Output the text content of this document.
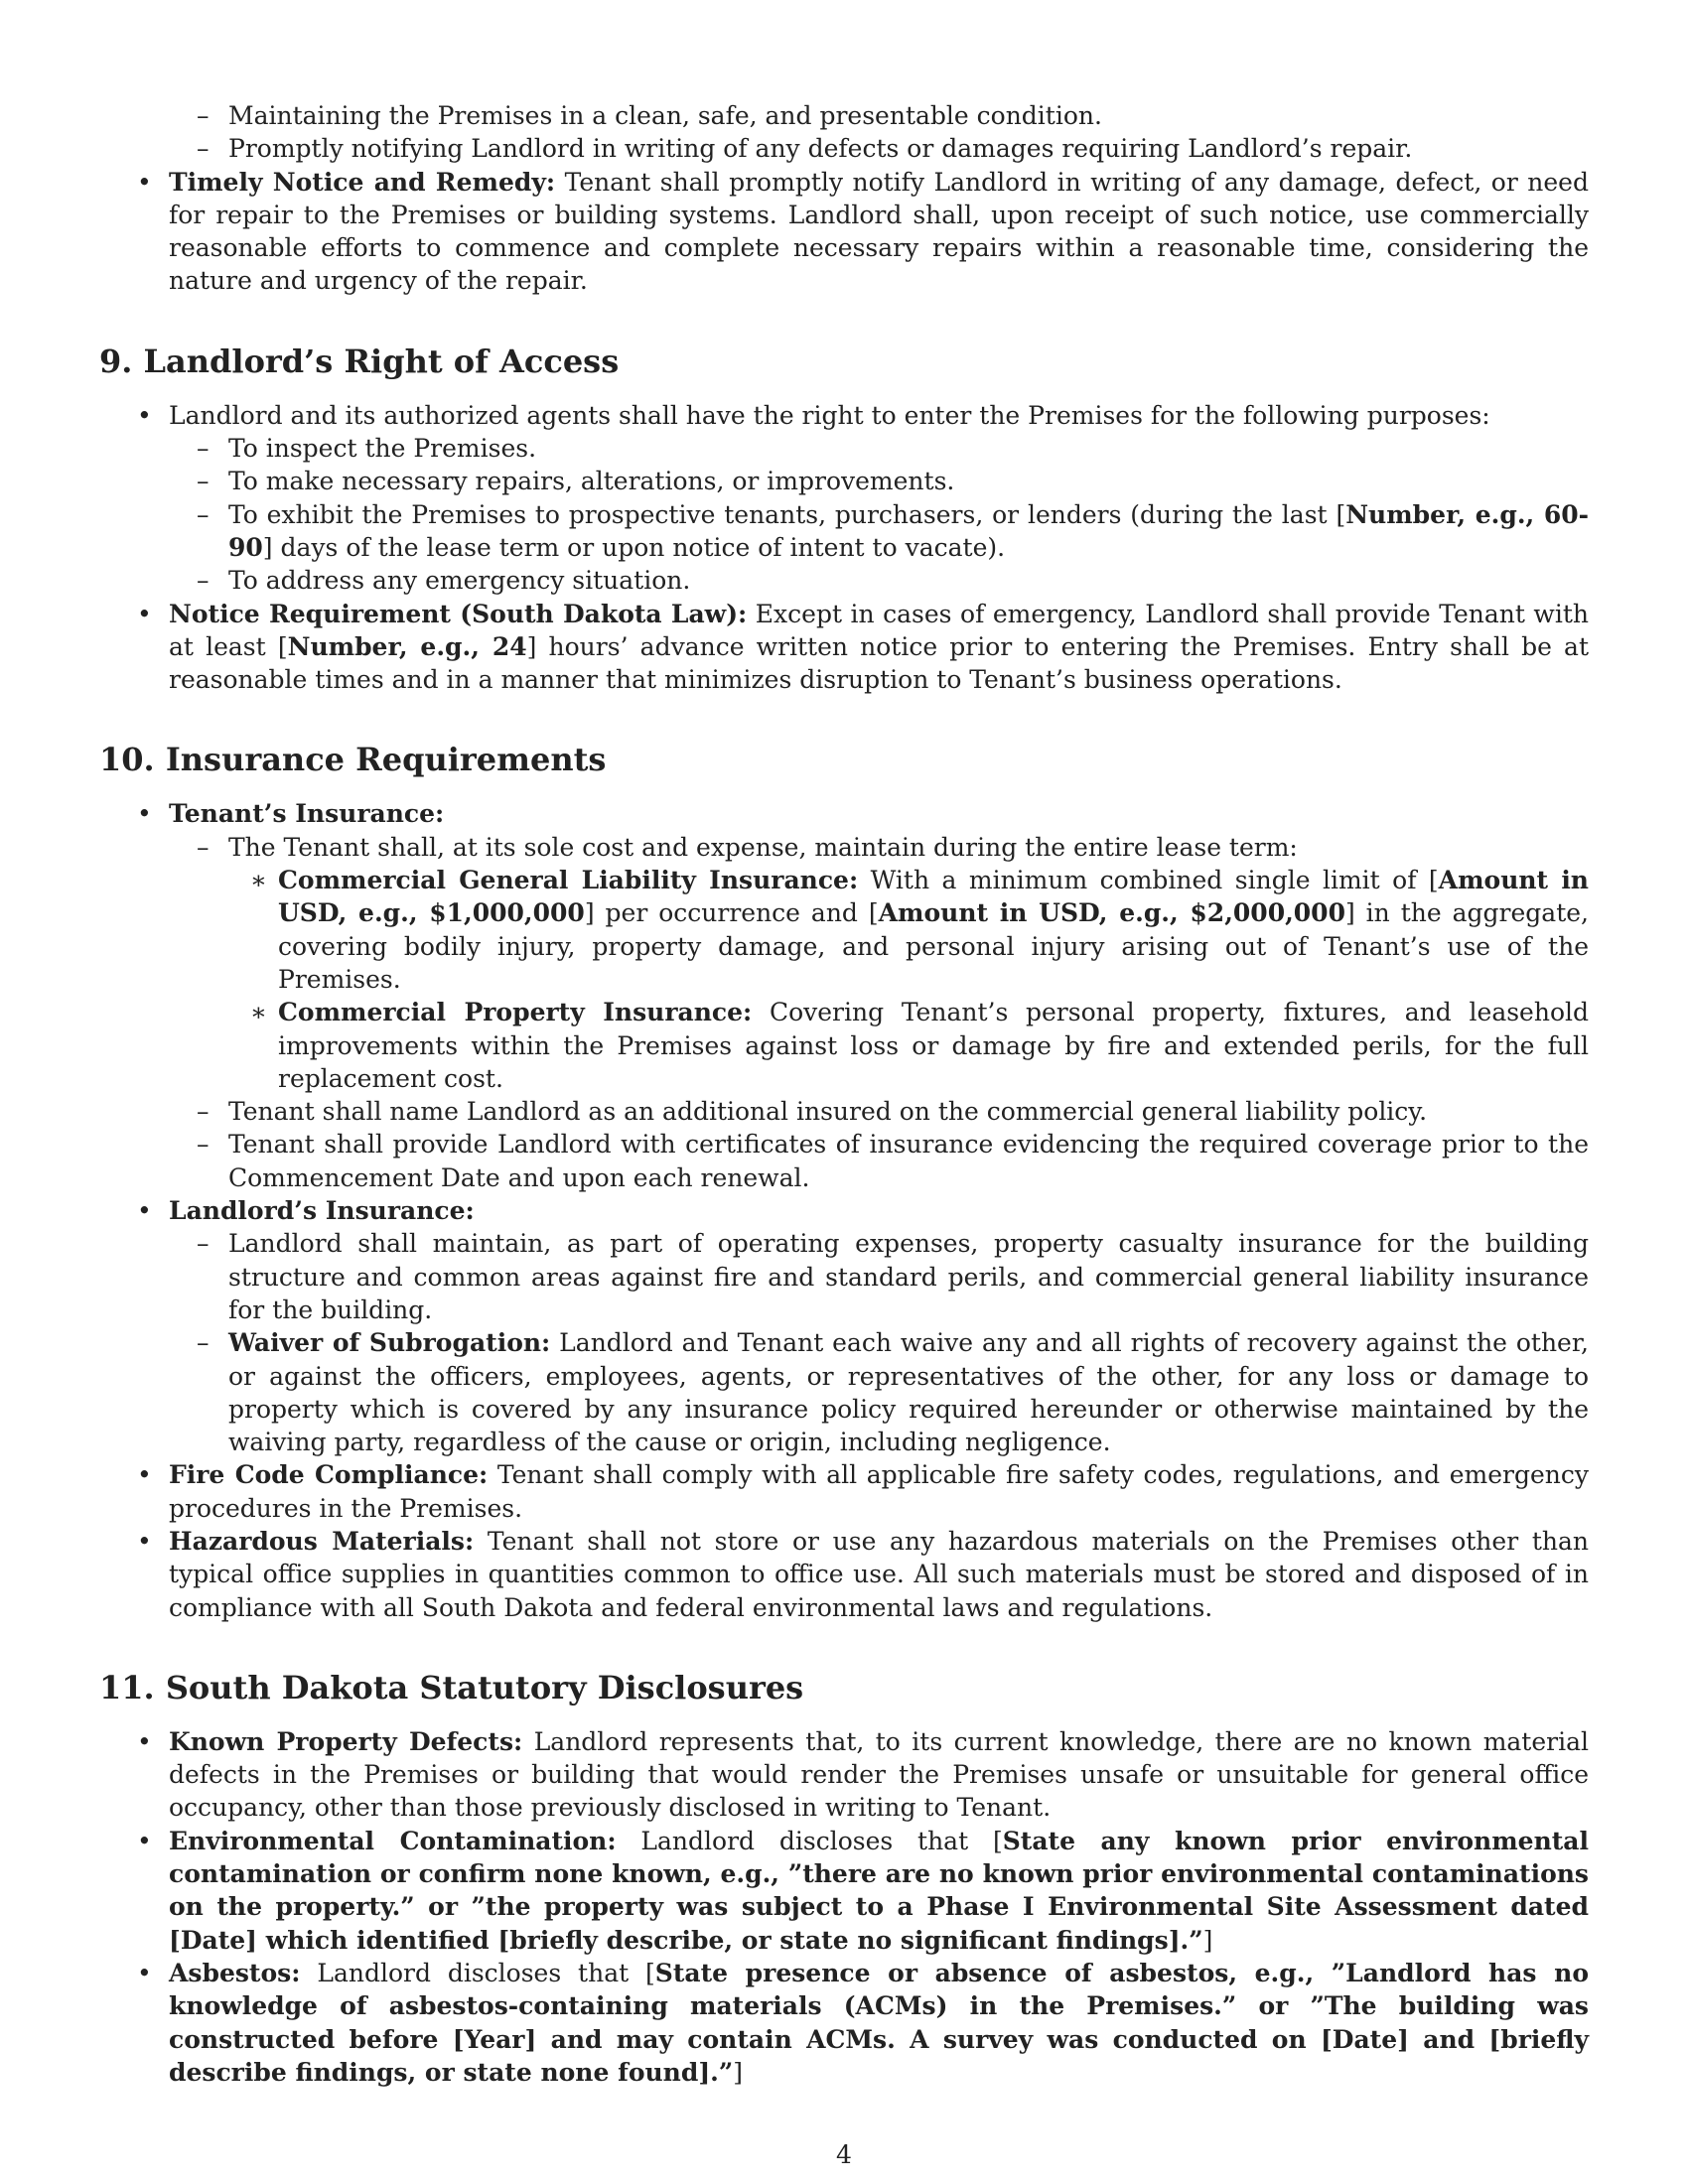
– Maintaining the Premises in a clean, safe, and presentable condition.
– Promptly notifying Landlord in writing of any defects or damages requiring Landlord’s repair.
• Timely Notice and Remedy: Tenant shall promptly notify Landlord in writing of any damage, defect, or need for repair to the Premises or building systems. Landlord shall, upon receipt of such notice, use commercially reasonable efforts to commence and complete necessary repairs within a reasonable time, considering the nature and urgency of the repair.
9. Landlord’s Right of Access
• Landlord and its authorized agents shall have the right to enter the Premises for the following purposes:
– To inspect the Premises.
– To make necessary repairs, alterations, or improvements.
– To exhibit the Premises to prospective tenants, purchasers, or lenders (during the last [Number, e.g., 60-90] days of the lease term or upon notice of intent to vacate).
– To address any emergency situation.
• Notice Requirement (South Dakota Law): Except in cases of emergency, Landlord shall provide Tenant with at least [Number, e.g., 24] hours’ advance written notice prior to entering the Premises. Entry shall be at reasonable times and in a manner that minimizes disruption to Tenant’s business operations.
10. Insurance Requirements
• Tenant’s Insurance:
– The Tenant shall, at its sole cost and expense, maintain during the entire lease term:
∗ Commercial General Liability Insurance: With a minimum combined single limit of [Amount in USD, e.g., $1,000,000] per occurrence and [Amount in USD, e.g., $2,000,000] in the aggregate, covering bodily injury, property damage, and personal injury arising out of Tenant’s use of the Premises.
∗ Commercial Property Insurance: Covering Tenant’s personal property, fixtures, and leasehold improvements within the Premises against loss or damage by fire and extended perils, for the full replacement cost.
– Tenant shall name Landlord as an additional insured on the commercial general liability policy.
– Tenant shall provide Landlord with certificates of insurance evidencing the required coverage prior to the Commencement Date and upon each renewal.
• Landlord’s Insurance:
– Landlord shall maintain, as part of operating expenses, property casualty insurance for the building structure and common areas against fire and standard perils, and commercial general liability insurance for the building.
– Waiver of Subrogation: Landlord and Tenant each waive any and all rights of recovery against the other, or against the officers, employees, agents, or representatives of the other, for any loss or damage to property which is covered by any insurance policy required hereunder or otherwise maintained by the waiving party, regardless of the cause or origin, including negligence.
• Fire Code Compliance: Tenant shall comply with all applicable fire safety codes, regulations, and emergency procedures in the Premises.
• Hazardous Materials: Tenant shall not store or use any hazardous materials on the Premises other than typical office supplies in quantities common to office use. All such materials must be stored and disposed of in compliance with all South Dakota and federal environmental laws and regulations.
11. South Dakota Statutory Disclosures
• Known Property Defects: Landlord represents that, to its current knowledge, there are no known material defects in the Premises or building that would render the Premises unsafe or unsuitable for general office occupancy, other than those previously disclosed in writing to Tenant.
• Environmental Contamination: Landlord discloses that [State any known prior environmental contamination or confirm none known, e.g., ”there are no known prior environmental contaminations on the property.” or ”the property was subject to a Phase I Environmental Site Assessment dated [Date] which identified [briefly describe, or state no significant findings].”]
• Asbestos: Landlord discloses that [State presence or absence of asbestos, e.g., ”Landlord has no knowledge of asbestos-containing materials (ACMs) in the Premises.” or ”The building was constructed before [Year] and may contain ACMs. A survey was conducted on [Date] and [briefly describe findings, or state none found].”]
4
